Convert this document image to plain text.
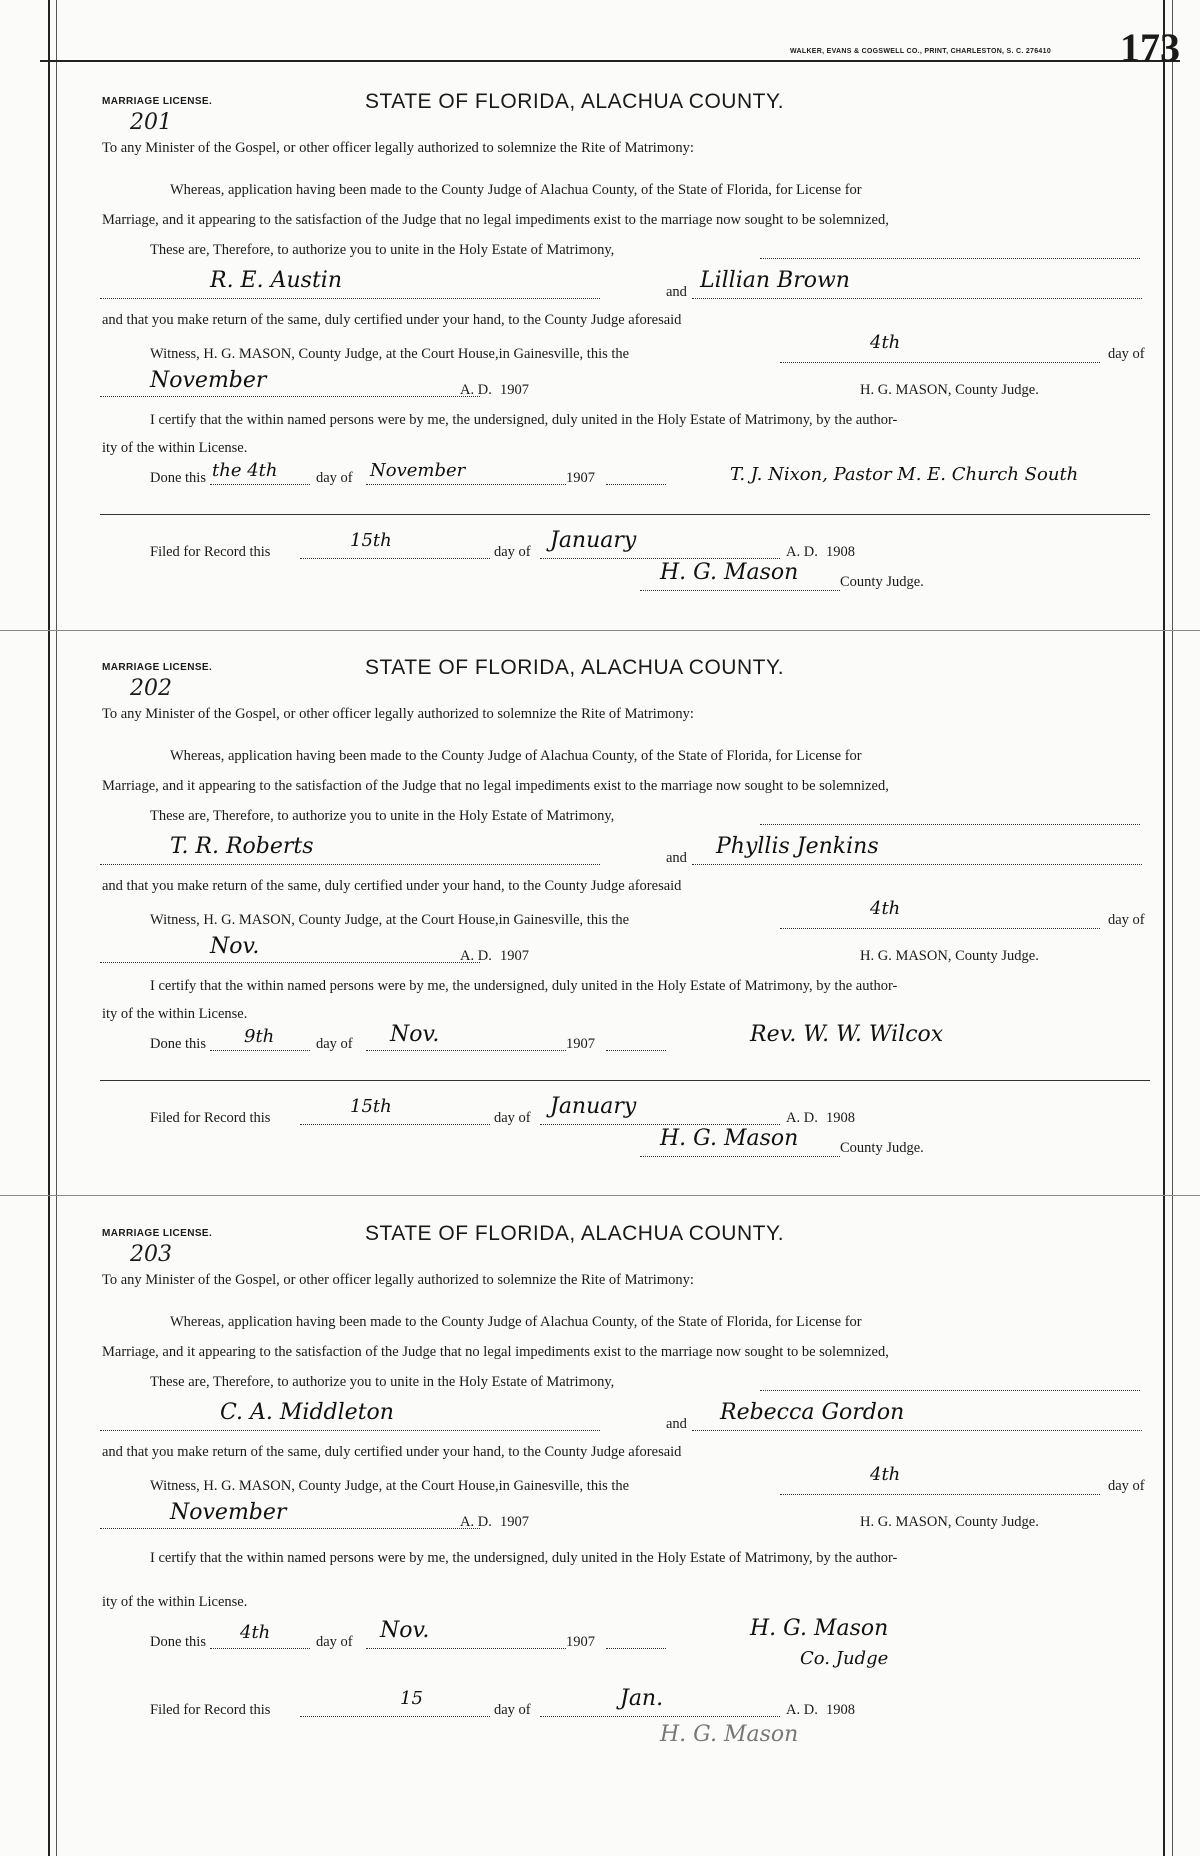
WALKER, EVANS & COGSWELL CO., PRINT, CHARLESTON, S. C. 276410 173
MARRIAGE LICENSE.
201
STATE OF FLORIDA, ALACHUA COUNTY.
To any Minister of the Gospel, or other officer legally authorized to solemnize the Rite of Matrimony:
Whereas, application having been made to the County Judge of Alachua County, of the State of Florida, for License for
Marriage, and it appearing to the satisfaction of the Judge that no legal impediments exist to the marriage now sought to be solemnized,
These are, Therefore, to authorize you to unite in the Holy Estate of Matrimony,
R. E. Austin	and Lillian Brown
and that you make return of the same, duly certified under your hand, to the County Judge aforesaid
Witness, H. G. MASON, County Judge, at the Court House,in Gainesville, this the
4th
day of
November	A. D. 1907	H. G. MASON, County Judge.
I certify that the within named persons were by me, the undersigned, duly united in the Holy Estate of Matrimony, by the author-
ity of the within License.
Done this the 4th	day of November	1907	T. J. Nixon, Pastor M. E. Church South
Filed for Record this
15th
day of January	A. D. 1908
H. G. Mason	County Judge.
MARRIAGE LICENSE.
202
STATE OF FLORIDA, ALACHUA COUNTY.
To any Minister of the Gospel, or other officer legally authorized to solemnize the Rite of Matrimony:
Whereas, application having been made to the County Judge of Alachua County, of the State of Florida, for License for
Marriage, and it appearing to the satisfaction of the Judge that no legal impediments exist to the marriage now sought to be solemnized,
These are, Therefore, to authorize you to unite in the Holy Estate of Matrimony,
T. R. Roberts	and Phyllis Jenkins
and that you make return of the same, duly certified under your hand, to the County Judge aforesaid
Witness, H. G. MASON, County Judge, at the Court House,in Gainesville, this the
4th
day of
Nov.	A. D. 1907	H. G. MASON, County Judge.
I certify that the within named persons were by me, the undersigned, duly united in the Holy Estate of Matrimony, by the author-
ity of the within License.
Done this 9th	day of Nov.	1907	Rev. W. W. Wilcox
Filed for Record this
15th
day of January	A. D. 1908
H. G. Mason	County Judge.
MARRIAGE LICENSE.
203
STATE OF FLORIDA, ALACHUA COUNTY.
To any Minister of the Gospel, or other officer legally authorized to solemnize the Rite of Matrimony:
Whereas, application having been made to the County Judge of Alachua County, of the State of Florida, for License for
Marriage, and it appearing to the satisfaction of the Judge that no legal impediments exist to the marriage now sought to be solemnized,
These are, Therefore, to authorize you to unite in the Holy Estate of Matrimony,
C. A. Middleton	and Rebecca Gordon
and that you make return of the same, duly certified under your hand, to the County Judge aforesaid
Witness, H. G. MASON, County Judge, at the Court House,in Gainesville, this the
4th
day of
November	A. D. 1907	H. G. MASON, County Judge.
I certify that the within named persons were by me, the undersigned, duly united in the Holy Estate of Matrimony, by the author-
ity of the within License.
Done this 4th	day of Nov.	1907
H. G. Mason
Co. Judge
Filed for Record this
15
day of	Jan.	A. D. 1908
H. G. Mason
